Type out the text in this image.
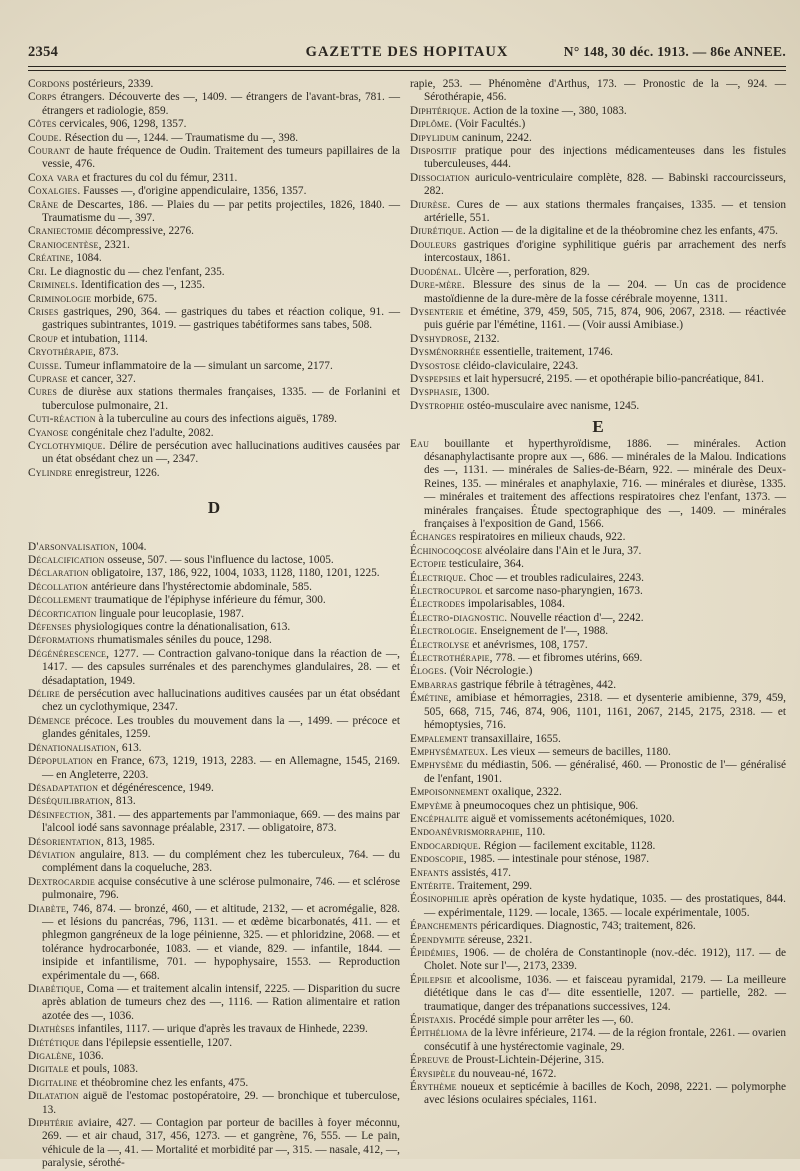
2354	GAZETTE DES HOPITAUX	N° 148, 30 déc. 1913. — 86e ANNEE.
Cordons postérieurs, 2339.
Corps étrangers. Découverte des —, 1409. — étrangers de l'avant-bras, 781. — étrangers et radiologie, 859.
Côtes cervicales, 906, 1298, 1357.
Coude. Résection du —, 1244. — Traumatisme du —, 398.
Courant de haute fréquence de Oudin. Traitement des tumeurs papillaires de la vessie, 476.
Coxa vara et fractures du col du fémur, 2311.
Coxalgies. Fausses —, d'origine appendiculaire, 1356, 1357.
Crâne de Descartes, 186. — Plaies du — par petits projectiles, 1826, 1840. — Traumatisme du —, 397.
Craniectomie décompressive, 2276.
Craniocentèse, 2321.
Créatine, 1084.
Cri. Le diagnostic du — chez l'enfant, 235.
Criminels. Identification des —, 1235.
Criminologie morbide, 675.
Crises gastriques, 290, 364. — gastriques du tabes et réaction colique, 91. — gastriques subintrantes, 1019. — gastriques tabétiformes sans tabes, 508.
Croup et intubation, 1114.
Cryothérapie, 873.
Cuisse. Tumeur inflammatoire de la — simulant un sarcome, 2177.
Cuprase et cancer, 327.
Cures de diurèse aux stations thermales françaises, 1335. — de Forlanini et tuberculose pulmonaire, 21.
Cuti-réaction à la tuberculine au cours des infections aiguës, 1789.
Cyanose congénitale chez l'adulte, 2082.
Cyclothymique. Délire de persécution avec hallucinations auditives causées par un état obsédant chez un —, 2347.
Cylindre enregistreur, 1226.
D
D'arsonvalisation, 1004.
Décalcification osseuse, 507. — sous l'influence du lactose, 1005.
Déclaration obligatoire, 137, 186, 922, 1004, 1033, 1128, 1180, 1201, 1225.
Décollation antérieure dans l'hystérectomie abdominale, 585.
Décollement traumatique de l'épiphyse inférieure du fémur, 300.
Décortication linguale pour leucoplasie, 1987.
Défenses physiologiques contre la dénationalisation, 613.
Déformations rhumatismales séniles du pouce, 1298.
Dégénérescence, 1277. — Contraction galvano-tonique dans la réaction de —, 1417. — des capsules surrénales et des parenchymes glandulaires, 28. — et désadaptation, 1949.
Délire de persécution avec hallucinations auditives causées par un état obsédant chez un cyclothymique, 2347.
Démence précoce. Les troubles du mouvement dans la —, 1499. — précoce et glandes génitales, 1259.
Dénationalisation, 613.
Dépopulation en France, 673, 1219, 1913, 2283. — en Allemagne, 1545, 2169. — en Angleterre, 2203.
Désadaptation et dégénérescence, 1949.
Déséquilibration, 813.
Désinfection, 381. — des appartements par l'ammoniaque, 669. — des mains par l'alcool iodé sans savonnage préalable, 2317. — obligatoire, 873.
Désorientation, 813, 1985.
Déviation angulaire, 813. — du complément chez les tuberculeux, 764. — du complément dans la coqueluche, 283.
Dextrocardie acquise consécutive à une sclérose pulmonaire, 746. — et sclérose pulmonaire, 796.
Diabète, 746, 874. — bronzé, 460, — et altitude, 2132, — et acromégalie, 828. — et lésions du pancréas, 796, 1131. — et œdème bicarbonatés, 411. — et phlegmon gangréneux de la loge péinienne, 325. — et phloridzine, 2068. — et tolérance hydrocarbonée, 1083. — et viande, 829. — infantile, 1844. — insipide et infantilisme, 701. — hypophysaire, 1553. — Reproduction expérimentale du —, 668.
Diabétique, Coma — et traitement alcalin intensif, 2225. — Disparition du sucre après ablation de tumeurs chez des —, 1116. — Ration alimentaire et ration azotée des —, 1036.
Diathèses infantiles, 1117. — urique d'après les travaux de Hinhede, 2239.
Diététique dans l'épilepsie essentielle, 1207.
Digalène, 1036.
Digitale et pouls, 1083.
Digitaline et théobromine chez les enfants, 475.
Dilatation aiguë de l'estomac postopératoire, 29. — bronchique et tuberculose, 13.
Diphtérie aviaire, 427. — Contagion par porteur de bacilles à foyer méconnu, 269. — et air chaud, 317, 456, 1273. — et gangrène, 76, 555. — Le pain, véhicule de la —, 41. — Mortalité et morbidité par —, 315. — nasale, 412, —, paralysie, sérothé-
rapie, 253. — Phénomène d'Arthus, 173. — Pronostic de la —, 924. — Sérothérapie, 456.
Diphtérique. Action de la toxine —, 380, 1083.
Diplôme. (Voir Facultés.)
Dipylidum caninum, 2242.
Dispositif pratique pour des injections médicamenteuses dans les fistules tuberculeuses, 444.
Dissociation auriculo-ventriculaire complète, 828. — Babinski raccourcisseurs, 282.
Diurèse. Cures de — aux stations thermales françaises, 1335. — et tension artérielle, 551.
Diurétique. Action — de la digitaline et de la théobromine chez les enfants, 475.
Douleurs gastriques d'origine syphilitique guéris par arrachement des nerfs intercostaux, 1861.
Duodénal. Ulcère —, perforation, 829.
Dure-mère. Blessure des sinus de la — 204. — Un cas de procidence mastoïdienne de la dure-mère de la fosse cérébrale moyenne, 1311.
Dysenterie et émétine, 379, 459, 505, 715, 874, 906, 2067, 2318. — réactivée puis guérie par l'émétine, 1161. — (Voir aussi Amibiase.)
Dyshydrose, 2132.
Dysménorrhée essentielle, traitement, 1746.
Dysostose cléido-claviculaire, 2243.
Dyspepsies et lait hypersucré, 2195. — et opothérapie bilio-pancréatique, 841.
Dysphasie, 1300.
Dystrophie ostéo-musculaire avec nanisme, 1245.
E
Eau bouillante et hyperthyroïdisme, 1886. — minérales. Action désanaphylactisante propre aux —, 686. — minérales de la Malou. Indications des —, 1131. — minérales de Salies-de-Béarn, 922. — minérale des Deux-Reines, 135. — minérales et anaphylaxie, 716. — minérales et diurèse, 1335. — minérales et traitement des affections respiratoires chez l'enfant, 1373. — minérales françaises. Étude spectographique des —, 1409. — minérales françaises à l'exposition de Gand, 1566.
Échanges respiratoires en milieux chauds, 922.
Échinocoqcose alvéolaire dans l'Ain et le Jura, 37.
Ectopie testiculaire, 364.
Électrique. Choc — et troubles radiculaires, 2243.
Électrocuprol et sarcome naso-pharyngien, 1673.
Électrodes impolarisables, 1084.
Électro-diagnostic. Nouvelle réaction d'—, 2242.
Électrologie. Enseignement de l'—, 1988.
Électrolyse et anévrismes, 108, 1757.
Électrothérapie, 778. — et fibromes utérins, 669.
Éloges. (Voir Nécrologie.)
Embarras gastrique fébrile à tétragènes, 442.
Émétine, amibiase et hémorragies, 2318. — et dysenterie amibienne, 379, 459, 505, 668, 715, 746, 874, 906, 1101, 1161, 2067, 2145, 2175, 2318. — et hémoptysies, 716.
Empalement transaxillaire, 1655.
Emphysémateux. Les vieux — semeurs de bacilles, 1180.
Emphysème du médiastin, 506. — généralisé, 460. — Pronostic de l'— généralisé de l'enfant, 1901.
Empoisonnement oxalique, 2322.
Empyème à pneumocoques chez un phtisique, 906.
Encéphalite aiguë et vomissements acétonémiques, 1020.
Endoanévrismorraphie, 110.
Endocardique. Région — facilement excitable, 1128.
Endoscopie, 1985. — intestinale pour sténose, 1987.
Enfants assistés, 417.
Entérite. Traitement, 299.
Éosinophilie après opération de kyste hydatique, 1035. — des prostatiques, 844. — expérimentale, 1129. — locale, 1365. — locale expérimentale, 1005.
Épanchements péricardiques. Diagnostic, 743; traitement, 826.
Épendymite séreuse, 2321.
Épidémies, 1906. — de choléra de Constantinople (nov.-déc. 1912), 117. — de Cholet. Note sur l'—, 2173, 2339.
Épilepsie et alcoolisme, 1036. — et faisceau pyramidal, 2179. — La meilleure diététique dans le cas d'— dite essentielle, 1207. — partielle, 282. — traumatique, danger des trépanations successives, 124.
Épistaxis. Procédé simple pour arrêter les —, 60.
Épithélioma de la lèvre inférieure, 2174. — de la région frontale, 2261. — ovarien consécutif à une hystérectomie vaginale, 29.
Épreuve de Proust-Lichtein-Déjerine, 315.
Érysipèle du nouveau-né, 1672.
Érythème noueux et septicémie à bacilles de Koch, 2098, 2221. — polymorphe avec lésions oculaires spéciales, 1161.
